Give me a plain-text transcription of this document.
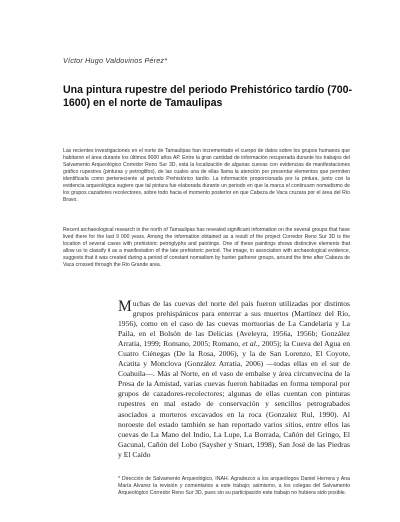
Víctor Hugo Valdovinos Pérez*
Una pintura rupestre del periodo Prehistórico tardío (700-1600) en el norte de Tamaulipas

Las recientes investigaciones en el norte de Tamaulipas han incrementado el cuerpo de datos sobre los grupos humanos que habitaron el área durante los últimos 9000 años AP. Entre la gran cantidad de información recuperada durante los trabajos del Salvamento Arqueológico Corredor Reno Sur 3D, está la localización de algunas cuevas con evidencias de manifestaciones gráfico rupestres (pinturas y petroglifos), de las cuales una de ellas llama la atención por presentar elementos que permiten identificarla como perteneciente al periodo Prehistórico tardío. La información proporcionada por la pintura, junto con la evidencia arqueológica sugiere que tal pintura fue elaborada durante un periodo en que la marca el continuum nomadismo de los grupos cazadores recolectores, sobre todo hacia el momento posterior en que Cabeza de Vaca cruzara por el área del Río Bravo.

Recent archaeological research in the north of Tamaulipas has revealed significant information on the several groups that have lived there for the last 9 000 years. Among the information obtained as a result of the project Corredor Reno Sur 3D is the location of several caves with prehistoric petroglyphs and paintings. One of these paintings shows distinctive elements that allow us to classify it as a manifestation of the late prehistoric period. The image, in association with archaeological evidence, suggests that it was created during a period of constant nomadism by hunter gatherer groups, around the time after Cabeza de Vaca crossed through the Rio Grande area.

Muchas de las cuevas del norte del país fueron utilizadas por distintos grupos prehispánicos para enterrar a sus muertos (Martínez del Río, 1956), como en el caso de las cuevas mortuorias de La Candelaria y La Paila, en el Bolsón de las Delicias (Aveleyra, 1956a, 1956b; González Arratia, 1999; Romano, 2005; Romano, et al., 2005); la Cueva del Agua en Cuatro Ciénegas (De la Rosa, 2006), y la de San Lorenzo, El Coyote, Acatita y Monclova (González Arratia, 2006) —todas ellas en el sur de Coahuila—. Más al Norte, en el vaso de embalse y área circunvecina de la Presa de la Amistad, varias cuevas fueron habitadas en forma temporal por grupos de cazadores-recolectores; algunas de ellas cuentan con pinturas rupestres en mal estado de conservación y sencillos petrograbados asociados a morteros excavados en la roca (Gonzalez Rul, 1990). Al noroeste del estado también se han reportado varios sitios, entre ellos las cuevas de La Mano del Indio, La Lupe, La Borrada, Cañón del Gringo, El Gacunal, Cañón del Lobo (Saysher y Stuart, 1998), San José de las Piedras y El Caído

* Dirección de Salvamento Arqueológico, INAH. Agradezco a los arqueólogos Daniel Herrera y Ana María Alvarez la revisión y comentarios a este trabajo; asimismo, a los colegas del Salvamento Arqueológico Corredor Reno Sur 3D, pues sin su participación este trabajo no hubiera sido posible.
